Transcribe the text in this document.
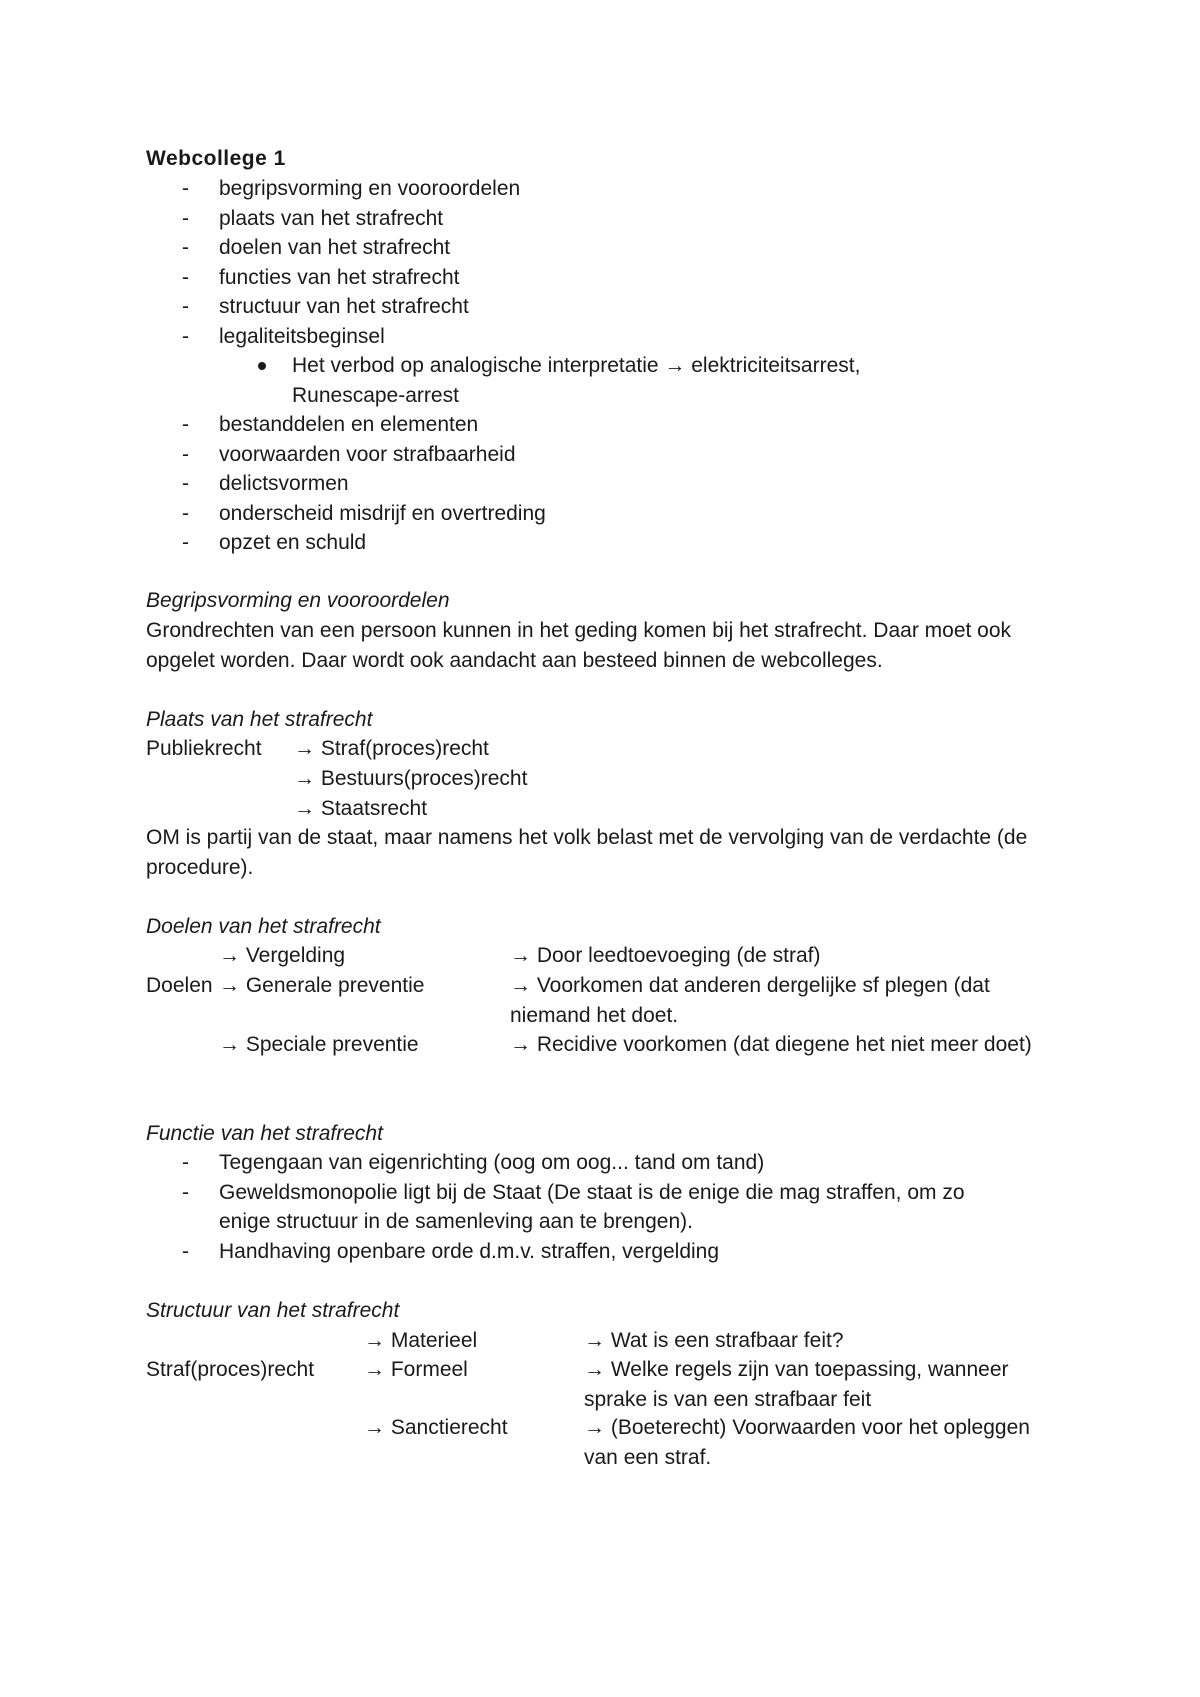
Webcollege 1
- begripsvorming en vooroordelen
- plaats van het strafrecht
- doelen van het strafrecht
- functies van het strafrecht
- structuur van het strafrecht
- legaliteitsbeginsel
Het verbod op analogische interpretatie → elektriciteitsarrest, Runescape-arrest
- bestanddelen en elementen
- voorwaarden voor strafbaarheid
- delictsvormen
- onderscheid misdrijf en overtreding
- opzet en schuld
Begripsvorming en vooroordelen
Grondrechten van een persoon kunnen in het geding komen bij het strafrecht. Daar moet ook opgelet worden. Daar wordt ook aandacht aan besteed binnen de webcolleges.
Plaats van het strafrecht
Publiekrecht → Straf(proces)recht
→ Bestuurs(proces)recht
→ Staatsrecht
OM is partij van de staat, maar namens het volk belast met de vervolging van de verdachte (de procedure).
Doelen van het strafrecht
→ Vergelding	→ Door leedtoevoeging (de straf)
Doelen → Generale preventie	→ Voorkomen dat anderen dergelijke sf plegen (dat niemand het doet.
→ Speciale preventie	→ Recidive voorkomen (dat diegene het niet meer doet)
Functie van het strafrecht
- Tegengaan van eigenrichting (oog om oog... tand om tand)
- Geweldsmonopolie ligt bij de Staat (De staat is de enige die mag straffen, om zo enige structuur in de samenleving aan te brengen).
- Handhaving openbare orde d.m.v. straffen, vergelding
Structuur van het strafrecht
→ Materieel	→ Wat is een strafbaar feit?
Straf(proces)recht → Formeel	→ Welke regels zijn van toepassing, wanneer sprake is van een strafbaar feit
→ Sanctierecht	→ (Boeterecht) Voorwaarden voor het opleggen van een straf.
